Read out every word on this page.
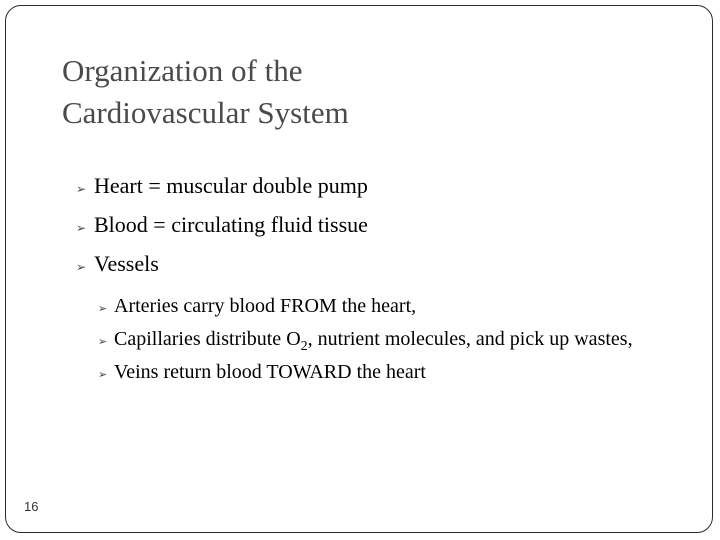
Organization of the
Cardiovascular System
➢ Heart = muscular double pump
➢ Blood = circulating fluid tissue
➢ Vessels
➢ Arteries carry blood FROM the heart,
➢ Capillaries distribute $O_2$, nutrient molecules, and pick up wastes,
➢ Veins return blood TOWARD the heart
16
